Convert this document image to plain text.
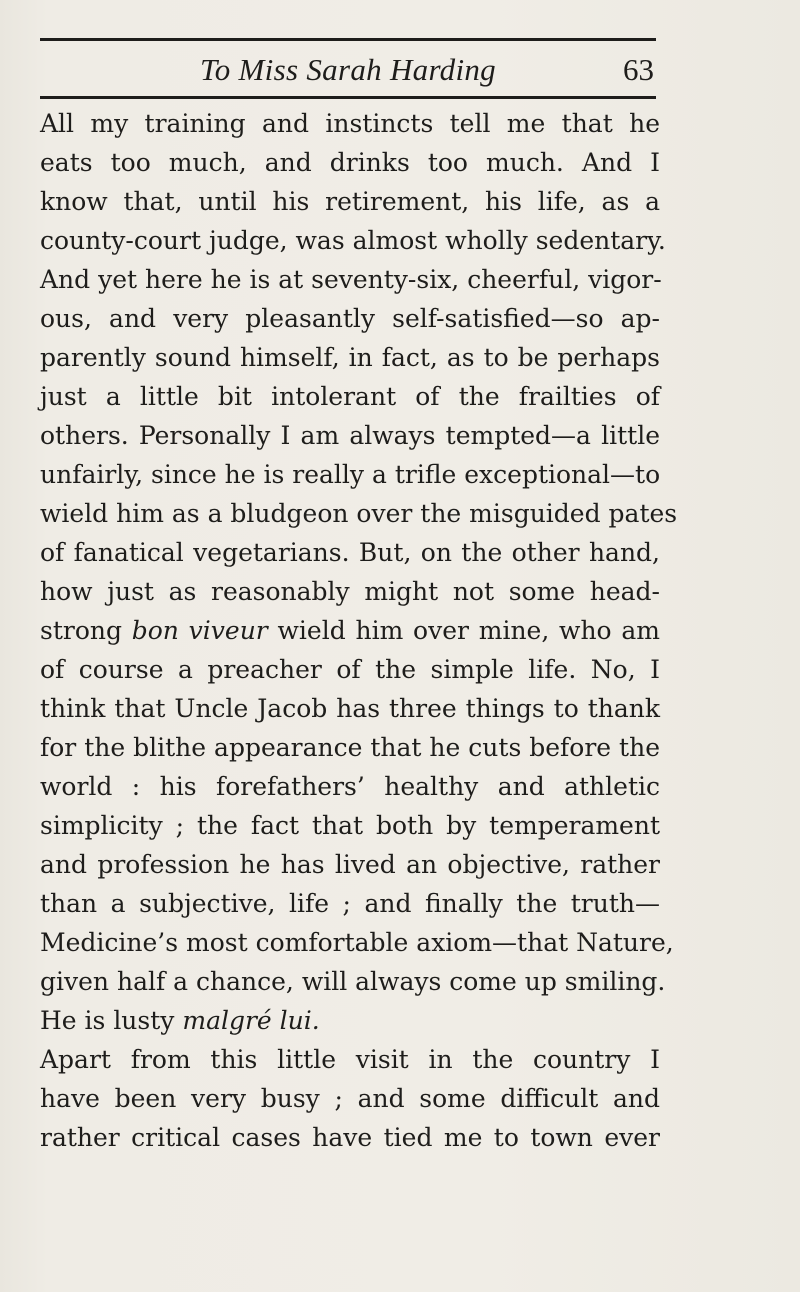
To Miss Sarah Harding	63
All my training and instincts tell me that he
eats too much, and drinks too much. And I
know that, until his retirement, his life, as a
county-court judge, was almost wholly sedentary.
And yet here he is at seventy-six, cheerful, vigor-
ous, and very pleasantly self-satisfied—so ap-
parently sound himself, in fact, as to be perhaps
just a little bit intolerant of the frailties of
others. Personally I am always tempted—a little
unfairly, since he is really a trifle exceptional—to
wield him as a bludgeon over the misguided pates
of fanatical vegetarians. But, on the other hand,
how just as reasonably might not some head-
strong bon viveur wield him over mine, who am
of course a preacher of the simple life. No, I
think that Uncle Jacob has three things to thank
for the blithe appearance that he cuts before the
world : his forefathers’ healthy and athletic
simplicity ; the fact that both by temperament
and profession he has lived an objective, rather
than a subjective, life ; and finally the truth—
Medicine’s most comfortable axiom—that Nature,
given half a chance, will always come up smiling.
He is lusty malgré lui.
Apart from this little visit in the country I
have been very busy ; and some difficult and
rather critical cases have tied me to town ever
